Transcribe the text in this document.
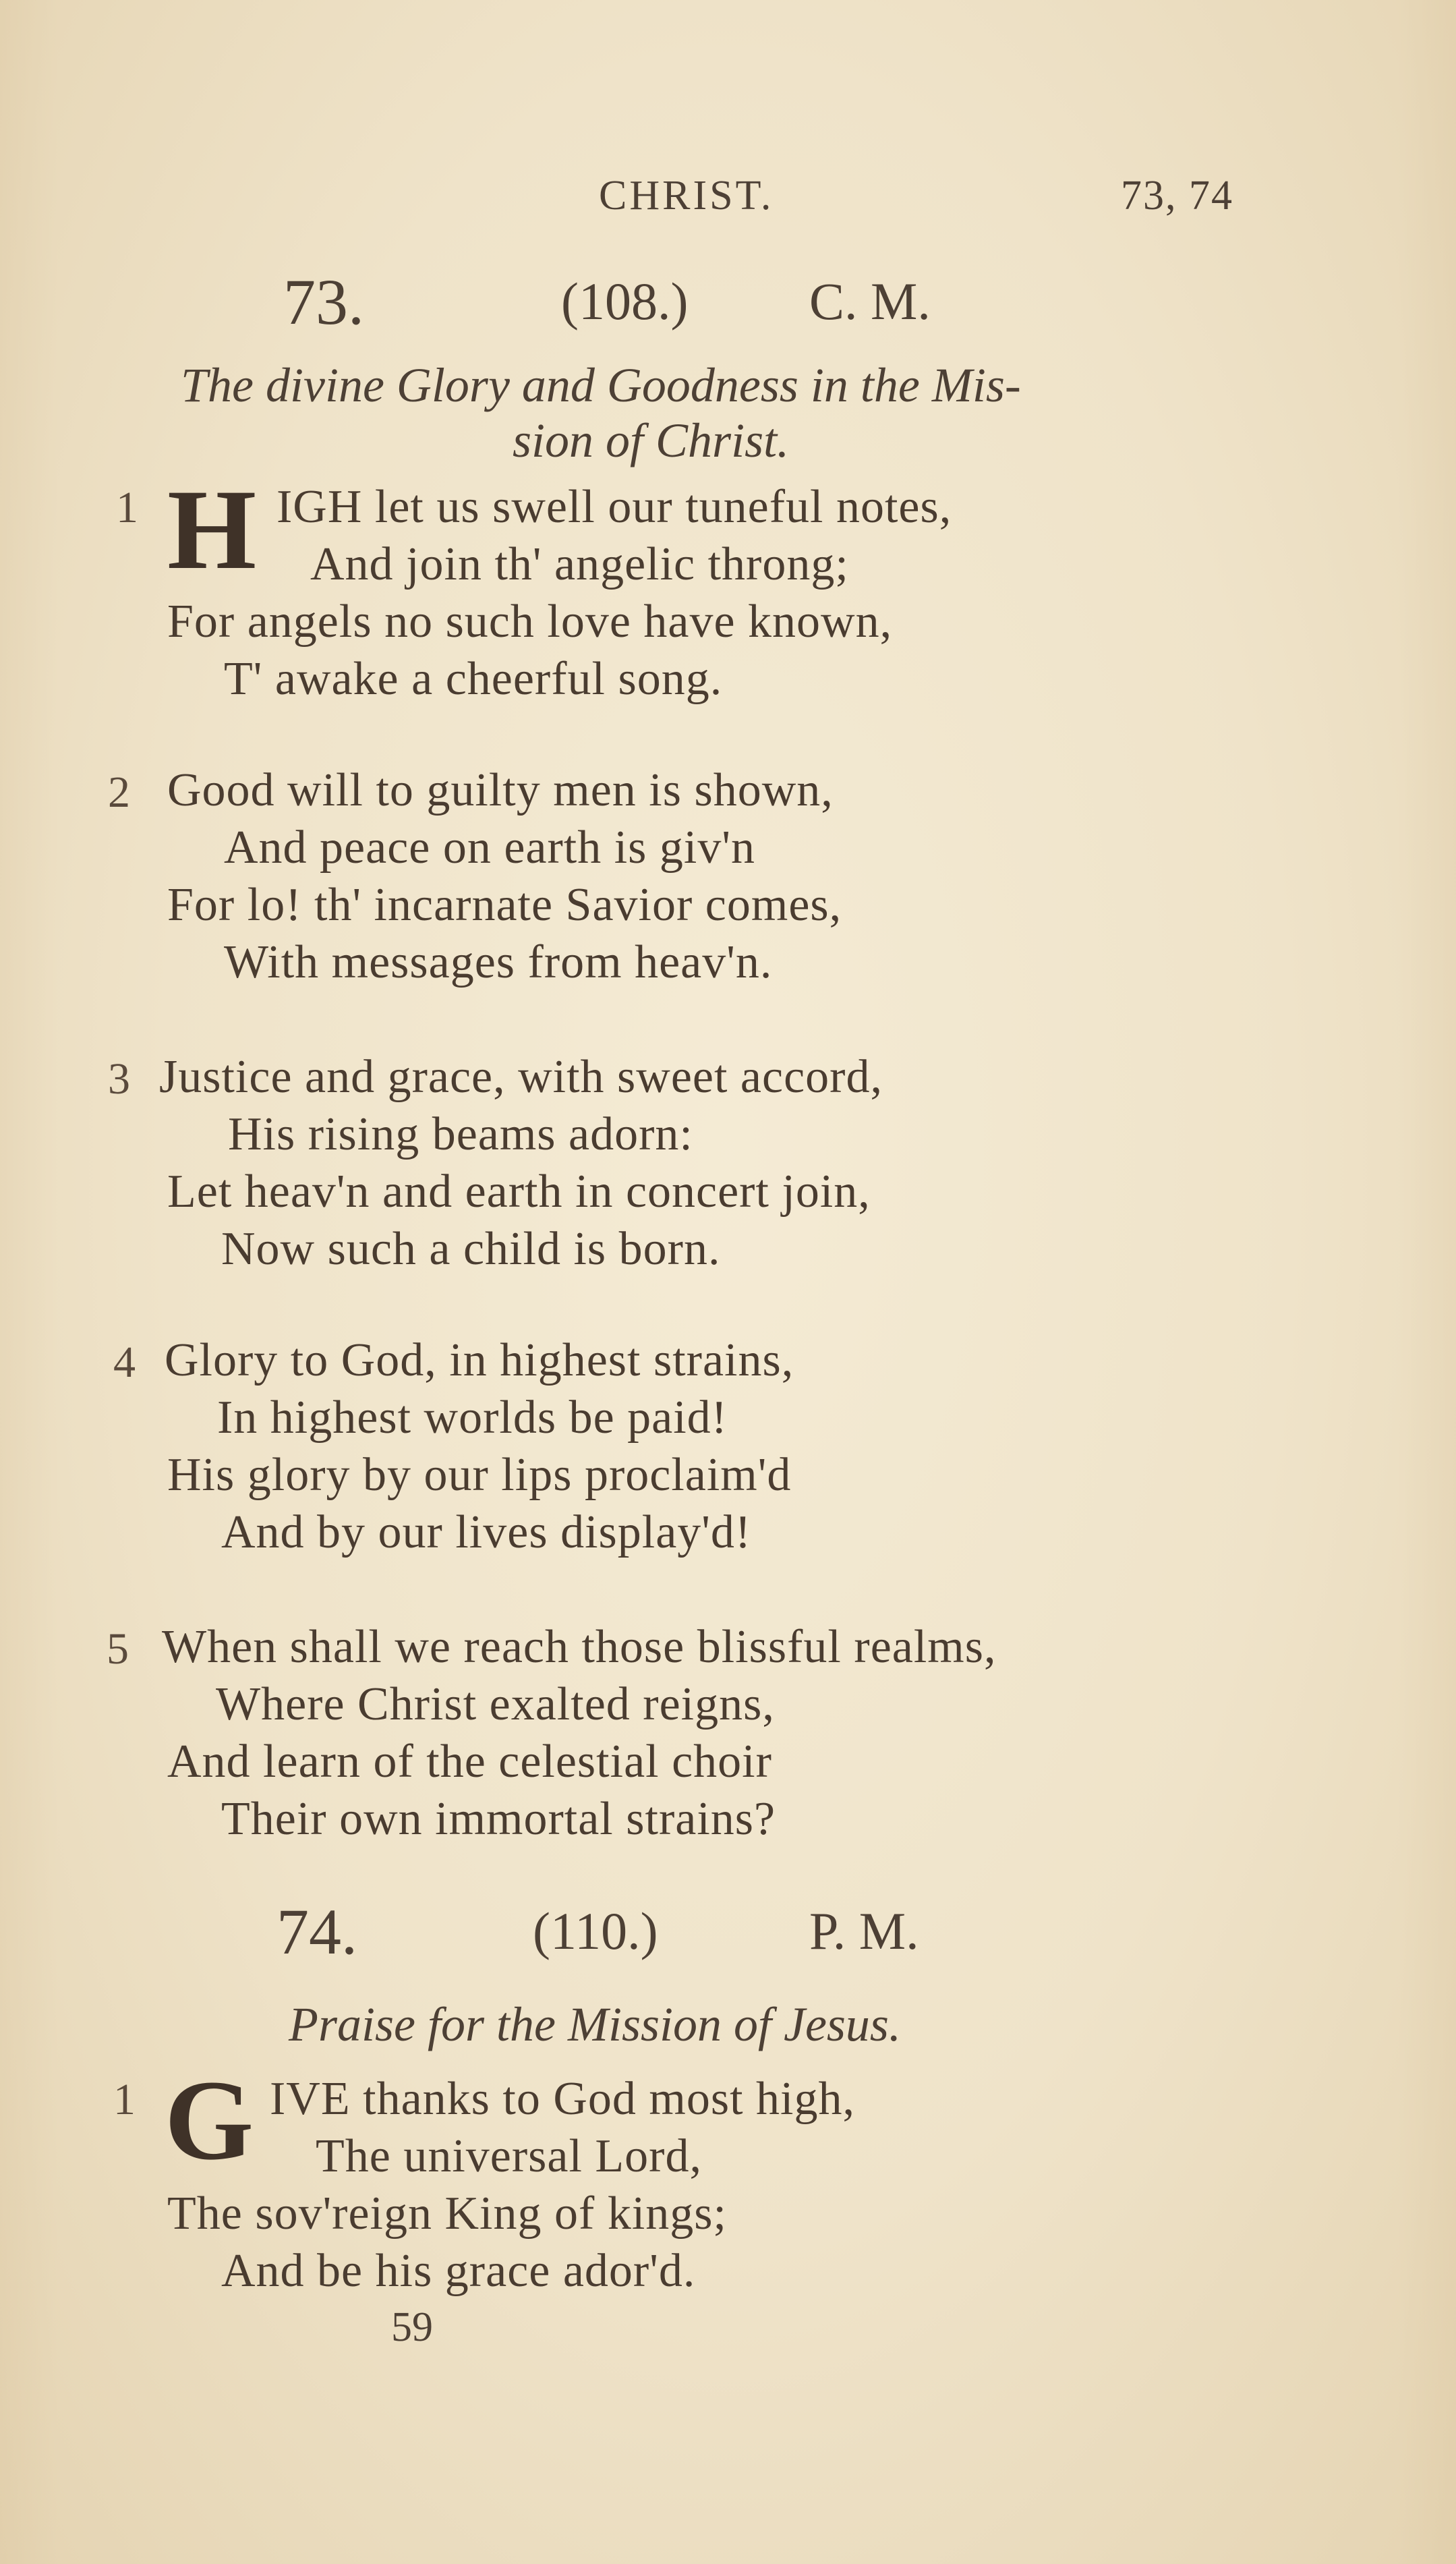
CHRIST.	73, 74
73.	(108.) C. M.
The divine Glory and Goodness in the Mis-
sion of Christ.
1 H IGH let us swell our tuneful notes,
And join th' angelic throng;
For angels no such love have known,
T' awake a cheerful song.
2 Good will to guilty men is shown,
And peace on earth is giv'n
For lo! th' incarnate Savior comes,
With messages from heav'n.
3 Justice and grace, with sweet accord,
His rising beams adorn:
Let heav'n and earth in concert join,
Now such a child is born.
4 Glory to God, in highest strains,
In highest worlds be paid!
His glory by our lips proclaim'd
And by our lives display'd!
5 When shall we reach those blissful realms,
Where Christ exalted reigns,
And learn of the celestial choir
Their own immortal strains?
74.	(110.)	P. M.
Praise for the Mission of Jesus.
1 G IVE thanks to God most high,
The universal Lord,
The sov'reign King of kings;
And be his grace ador'd.
59
